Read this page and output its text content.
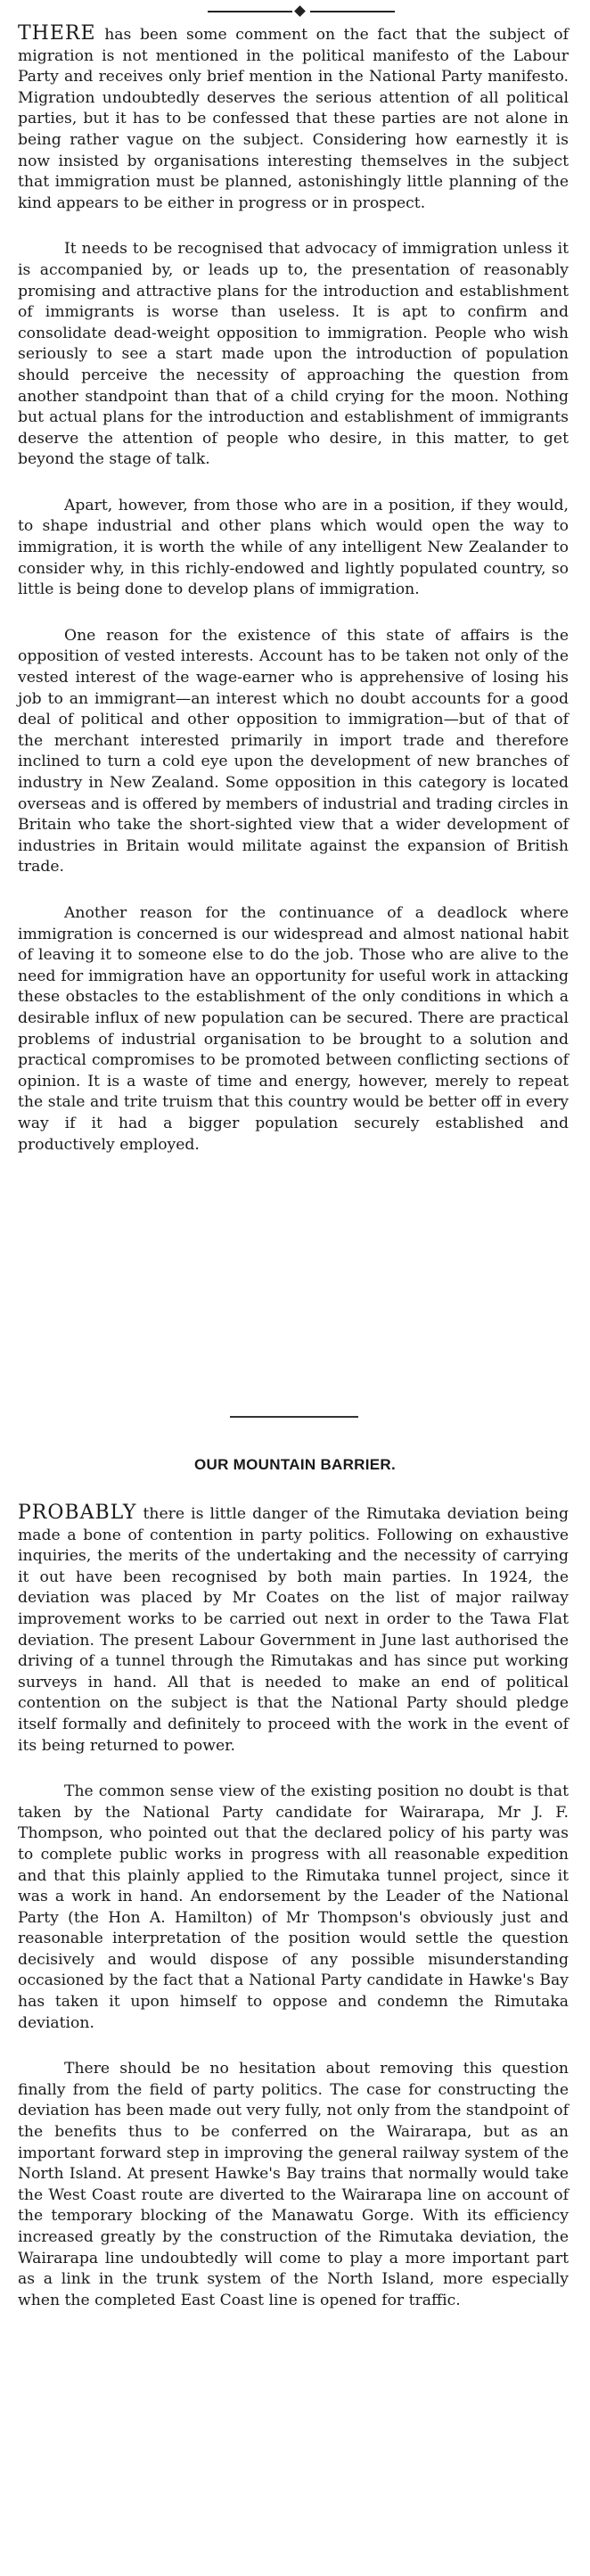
THERE has been some comment on the fact that the subject of migration is not mentioned in the political manifesto of the Labour Party and receives only brief mention in the National Party manifesto. Migration undoubtedly deserves the serious attention of all political parties, but it has to be confessed that these parties are not alone in being rather vague on the subject. Considering how earnestly it is now insisted by organisations interesting themselves in the subject that immigration must be planned, astonishingly little planning of the kind appears to be either in progress or in prospect.

It needs to be recognised that advocacy of immigration unless it is accompanied by, or leads up to, the presentation of reasonably promising and attractive plans for the introduction and establishment of immigrants is worse than useless. It is apt to confirm and consolidate dead-weight opposition to immigration. People who wish seriously to see a start made upon the introduction of population should perceive the necessity of approaching the question from another standpoint than that of a child crying for the moon. Nothing but actual plans for the introduction and establishment of immigrants deserve the attention of people who desire, in this matter, to get beyond the stage of talk.

Apart, however, from those who are in a position, if they would, to shape industrial and other plans which would open the way to immigration, it is worth the while of any intelligent New Zealander to consider why, in this richly-endowed and lightly populated country, so little is being done to develop plans of immigration.

One reason for the existence of this state of affairs is the opposition of vested interests. Account has to be taken not only of the vested interest of the wage-earner who is apprehensive of losing his job to an immigrant—an interest which no doubt accounts for a good deal of political and other opposition to immigration—but of that of the merchant interested primarily in import trade and therefore inclined to turn a cold eye upon the development of new branches of industry in New Zealand. Some opposition in this category is located overseas and is offered by members of industrial and trading circles in Britain who take the short-sighted view that a wider development of industries in Britain would militate against the expansion of British trade.

Another reason for the continuance of a deadlock where immigration is concerned is our widespread and almost national habit of leaving it to someone else to do the job. Those who are alive to the need for immigration have an opportunity for useful work in attacking these obstacles to the establishment of the only conditions in which a desirable influx of new population can be secured. There are practical problems of industrial organisation to be brought to a solution and practical compromises to be promoted between conflicting sections of opinion. It is a waste of time and energy, however, merely to repeat the stale and trite truism that this country would be better off in every way if it had a bigger population securely established and productively employed.

OUR MOUNTAIN BARRIER.

PROBABLY there is little danger of the Rimutaka deviation being made a bone of contention in party politics. Following on exhaustive inquiries, the merits of the undertaking and the necessity of carrying it out have been recognised by both main parties. In 1924, the deviation was placed by Mr Coates on the list of major railway improvement works to be carried out next in order to the Tawa Flat deviation. The present Labour Government in June last authorised the driving of a tunnel through the Rimutakas and has since put working surveys in hand. All that is needed to make an end of political contention on the subject is that the National Party should pledge itself formally and definitely to proceed with the work in the event of its being returned to power.

The common sense view of the existing position no doubt is that taken by the National Party candidate for Wairarapa, Mr J. F. Thompson, who pointed out that the declared policy of his party was to complete public works in progress with all reasonable expedition and that this plainly applied to the Rimutaka tunnel project, since it was a work in hand. An endorsement by the Leader of the National Party (the Hon A. Hamilton) of Mr Thompson's obviously just and reasonable interpretation of the position would settle the question decisively and would dispose of any possible misunderstanding occasioned by the fact that a National Party candidate in Hawke's Bay has taken it upon himself to oppose and condemn the Rimutaka deviation.

There should be no hesitation about removing this question finally from the field of party politics. The case for constructing the deviation has been made out very fully, not only from the standpoint of the benefits thus to be conferred on the Wairarapa, but as an important forward step in improving the general railway system of the North Island. At present Hawke's Bay trains that normally would take the West Coast route are diverted to the Wairarapa line on account of the temporary blocking of the Manawatu Gorge. With its efficiency increased greatly by the construction of the Rimutaka deviation, the Wairarapa line undoubtedly will come to play a more important part as a link in the trunk system of the North Island, more especially when the completed East Coast line is opened for traffic.
